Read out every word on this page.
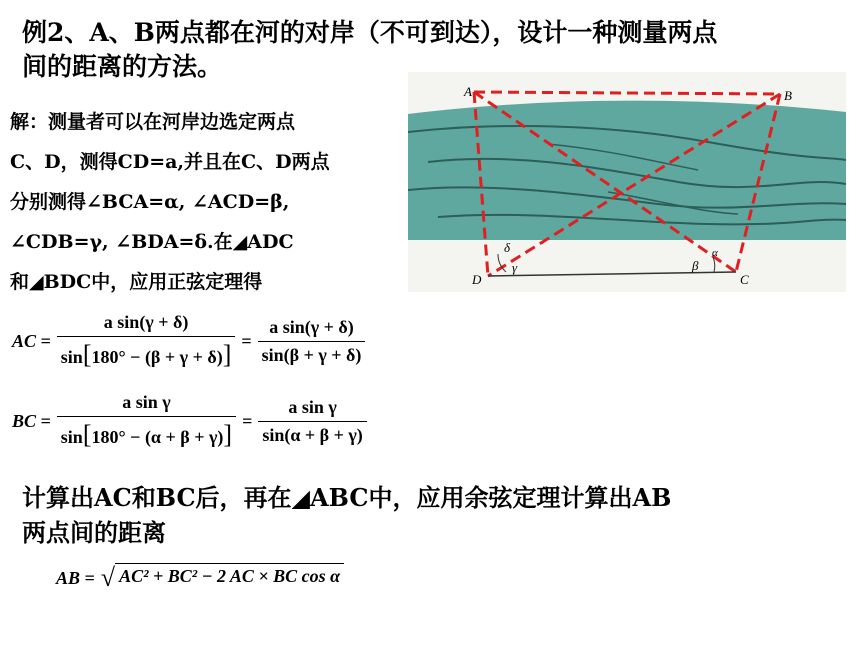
例2、A、B两点都在河的对岸（不可到达），设计一种测量两点
间的距离的方法。
解：测量者可以在河岸边选定两点
C、D，测得CD=a,并且在C、D两点
分别测得∠BCA=α, ∠ACD=β,
∠CDB=γ, ∠BDA=δ.在◢ADC
和◢BDC中，应用正弦定理得
A	B
C
D
δ
γ	β
α
AC = $\frac{\text{a sin(γ + δ)}}{\sin[180^\circ - (\beta + \gamma + \delta)]} = \frac{\text{a sin(γ + δ)}}{\sin(\beta + \gamma + \delta)}$
BC = $\frac{\text{a sin γ}}{\sin[180^\circ - (\alpha + \beta + \gamma)]} = \frac{\text{a sin γ}}{\sin(\alpha + \beta + \gamma)}$
计算出AC和BC后，再在◢ABC中，应用余弦定理计算出AB
两点间的距离
AB = √ AC² + BC² − 2 AC × BC cos α
